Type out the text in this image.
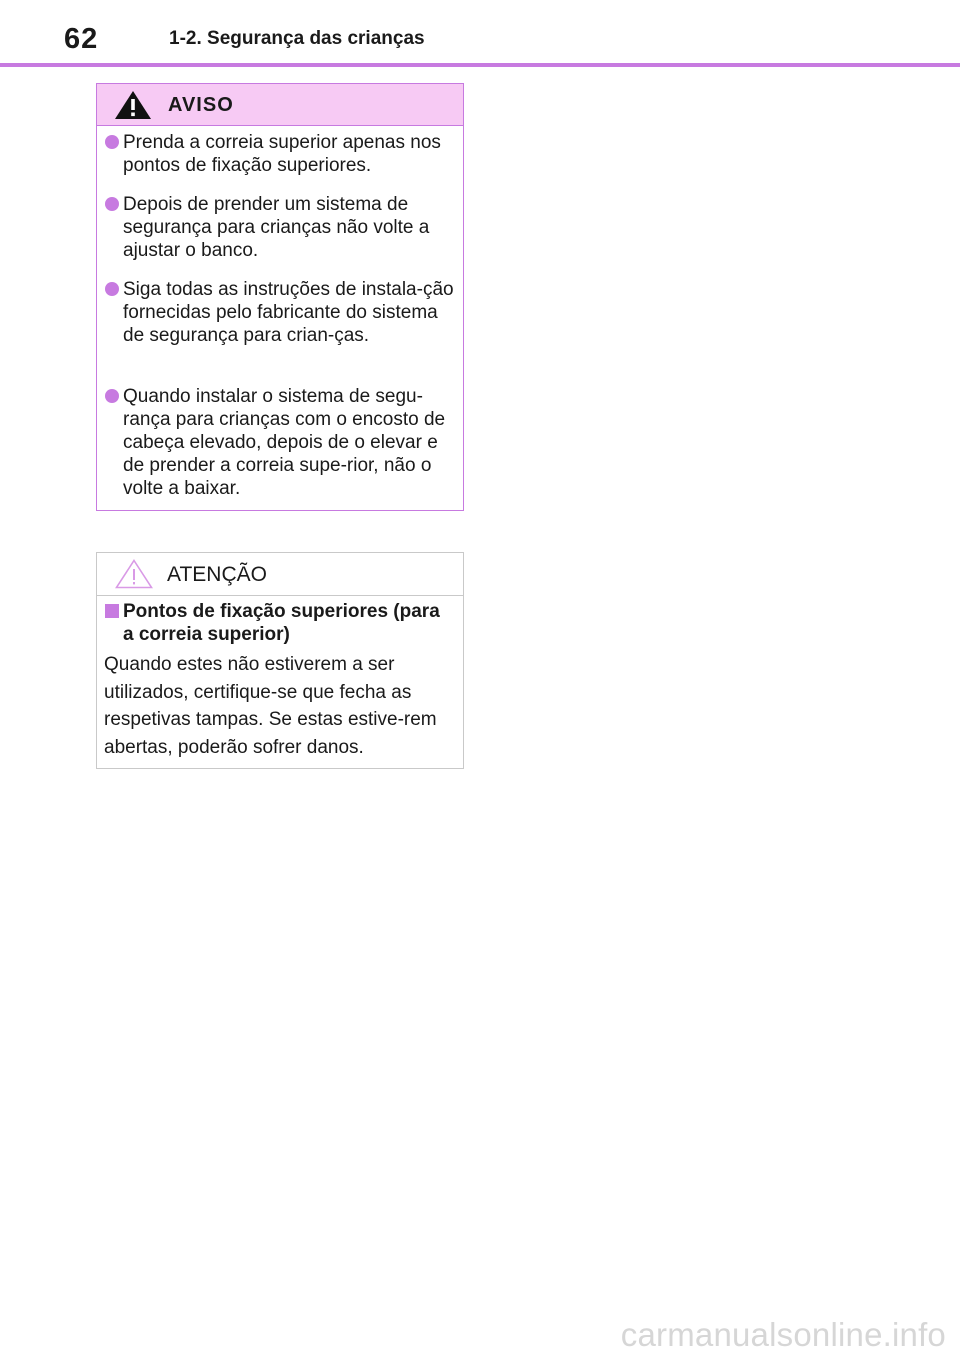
62	1-2. Segurança das crianças
AVISO
Prenda a correia superior apenas nos pontos de fixação superiores.
Depois de prender um sistema de segurança para crianças não volte a ajustar o banco.
Siga todas as instruções de instala-ção fornecidas pelo fabricante do sistema de segurança para crian-ças.
Quando instalar o sistema de segu-rança para crianças com o encosto de cabeça elevado, depois de o elevar e de prender a correia supe-rior, não o volte a baixar.
ATENÇÃO
Pontos de fixação superiores (para a correia superior)
Quando estes não estiverem a ser utilizados, certifique-se que fecha as respetivas tampas. Se estas estive-rem abertas, poderão sofrer danos.
carmanualsonline.info
